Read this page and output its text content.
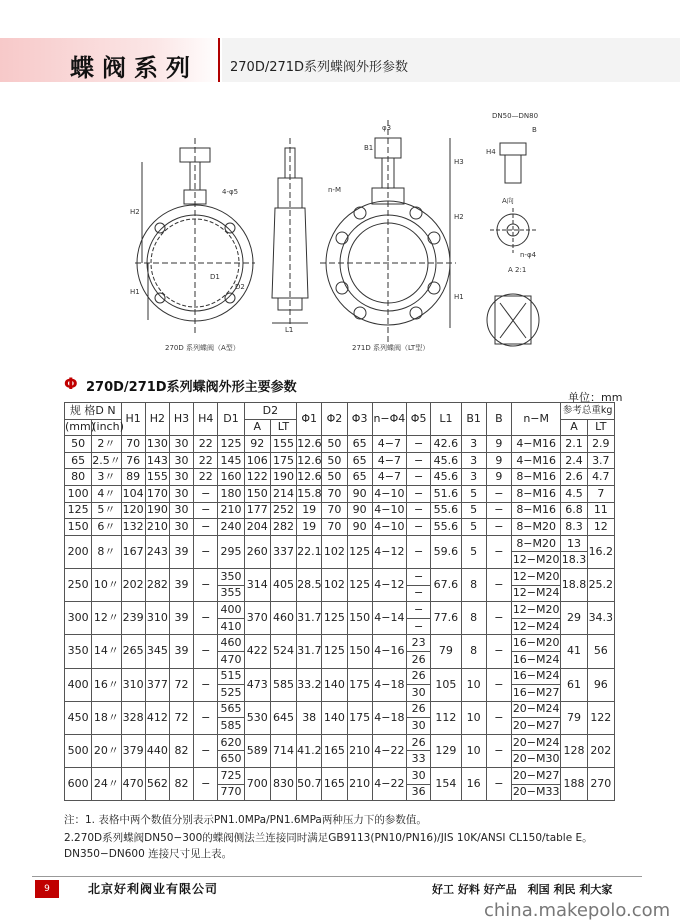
蝶阀系列 270D/271D系列蝶阀外形参数
4-φ5
H2
H1
D1
D2
L1
φ3
B1
H3
n-M
H2
H1
DN50—DN80
H4
B
A向
n-φ4
A 2:1
270D 系列蝶阀（A型）	271D 系列蝶阀（LT型）
Φ 270D/271D系列蝶阀外形主要参数
单位：mm
规 格D N		H1	H2	H3	H4	D1	D2		Φ1	Φ2	Φ3	n−Φ4	Φ5	L1	B1	B	n−M	参考总重kg	
(mm)	(inch)						A	LT										A	LT
50	2〃	70	130	30	22	125	92	155	12.6	50	65	4−7	−	42.6	3	9	4−M16	2.1	2.9
65	2.5〃	76	143	30	22	145	106	175	12.6	50	65	4−7	−	45.6	3	9	4−M16	2.4	3.7
80	3〃	89	155	30	22	160	122	190	12.6	50	65	4−7	−	45.6	3	9	8−M16	2.6	4.7
100	4〃	104	170	30	−	180	150	214	15.8	70	90	4−10	−	51.6	5	−	8−M16	4.5	7
125	5〃	120	190	30	−	210	177	252	19	70	90	4−10	−	55.6	5	−	8−M16	6.8	11
150	6〃	132	210	30	−	240	204	282	19	70	90	4−10	−	55.6	5	−	8−M20	8.3	12
200	8〃	167	243	39	−	295	260	337	22.1	102	125	4−12	−	59.6	5	−	8−M20	13	16.2
																	12−M20	18.3	
250	10〃	202	282	39	−	350	314	405	28.5	102	125	4−12	−	67.6	8	−	12−M20	18.8	25.2
						355							−				12−M24		
300	12〃	239	310	39	−	400	370	460	31.7	125	150	4−14	−	77.6	8	−	12−M20	29	34.3
						410							−				12−M24		
350	14〃	265	345	39	−	460	422	524	31.7	125	150	4−16	23	79	8	−	16−M20	41	56
						470							26				16−M24		
400	16〃	310	377	72	−	515	473	585	33.2	140	175	4−18	26	105	10	−	16−M24	61	96
						525							30				16−M27		
450	18〃	328	412	72	−	565	530	645	38	140	175	4−18	26	112	10	−	20−M24	79	122
						585							30				20−M27		
500	20〃	379	440	82	−	620	589	714	41.2	165	210	4−22	26	129	10	−	20−M24	128	202
						650							33				20−M30		
600	24〃	470	562	82	−	725	700	830	50.7	165	210	4−22	30	154	16	−	20−M27	188	270
						770							36				20−M33		
注：1. 表格中两个数值分别表示PN1.0MPa/PN1.6MPa两种压力下的参数值。
2.270D系列蝶阀DN50−300的蝶阀侧法兰连接同时满足GB9113(PN10/PN16)/JIS 10K/ANSI CL150/table E。DN350−DN600 连接尺寸见上表。
9	北京好利阀业有限公司	好工 好料 好产品　利国 利民 利大家
china.makepolo.com
